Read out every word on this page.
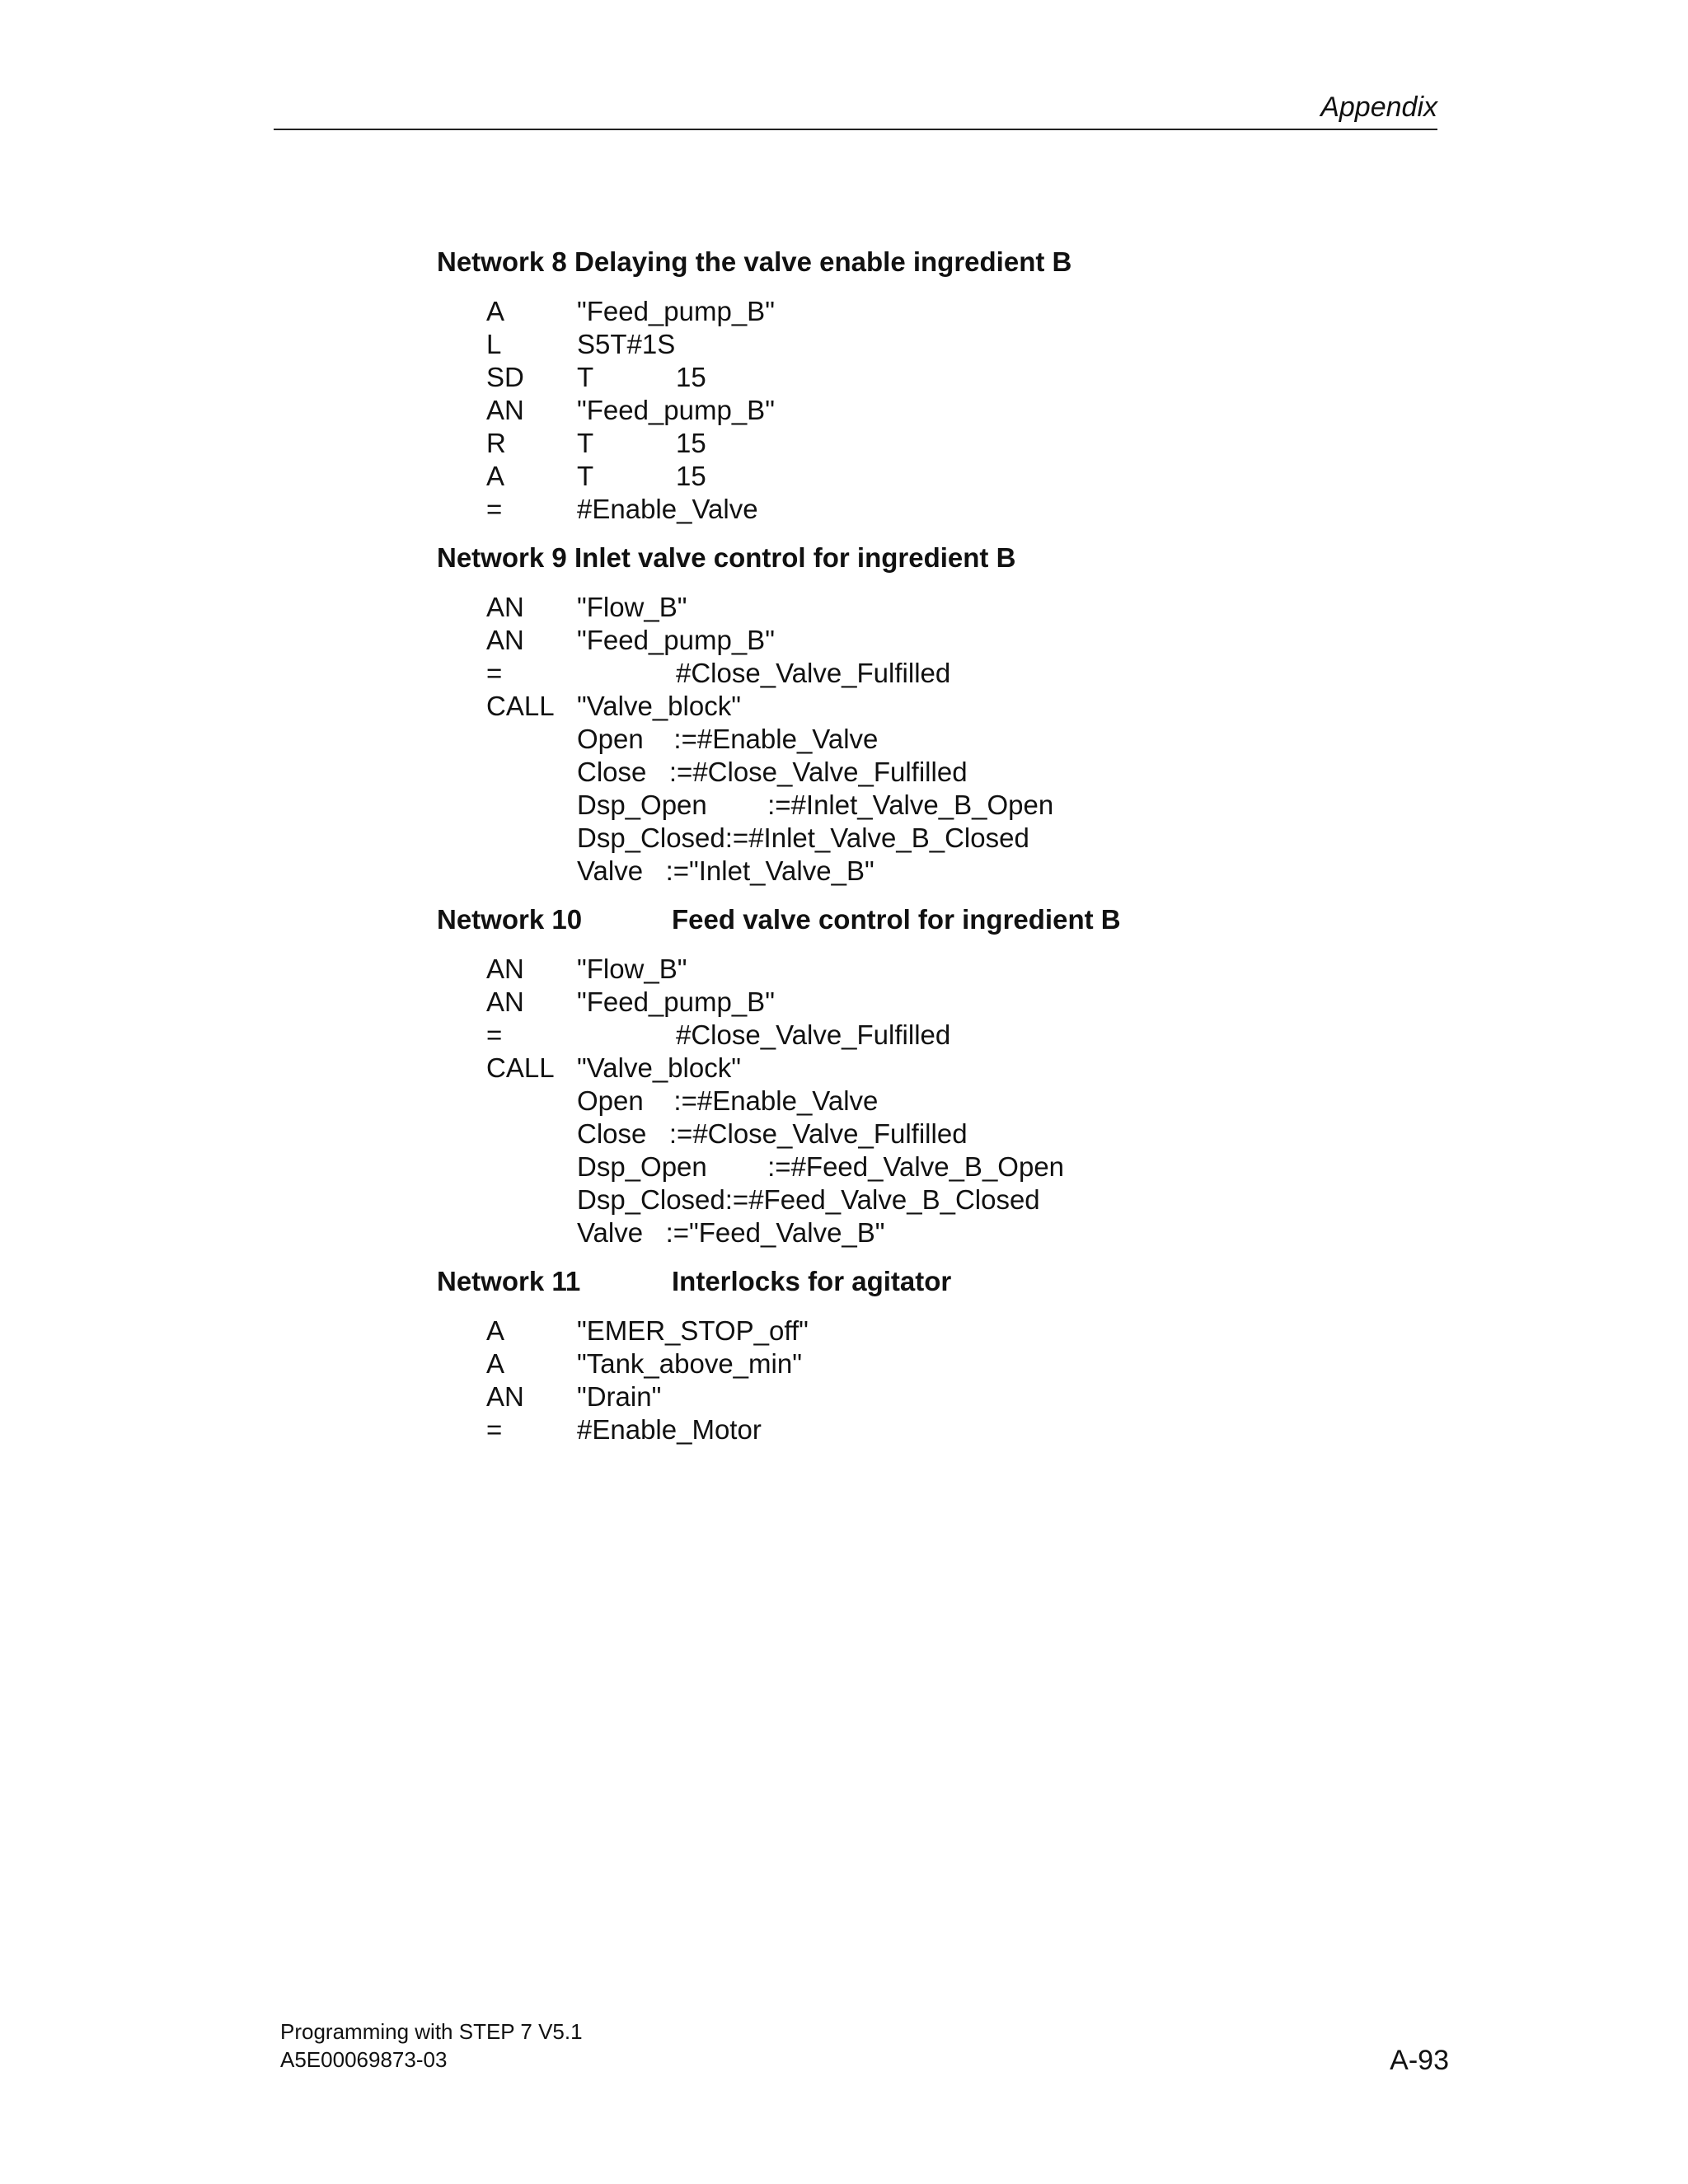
Appendix
Network 8 Delaying the valve enable ingredient B
A	"Feed_pump_B"
L	S5T#1S
SD T	15
AN "Feed_pump_B"
R	T	15
A	T	15
=	#Enable_Valve
Network 9 Inlet valve control for ingredient B
AN "Flow_B"
AN "Feed_pump_B"
=	#Close_Valve_Fulfilled
CALL "Valve_block"
Open    :=#Enable_Valve
Close   :=#Close_Valve_Fulfilled
Dsp_Open        :=#Inlet_Valve_B_Open
Dsp_Closed:=#Inlet_Valve_B_Closed
Valve   :="Inlet_Valve_B"
Network 10	Feed valve control for ingredient B
AN "Flow_B"
AN "Feed_pump_B"
=	#Close_Valve_Fulfilled
CALL "Valve_block"
Open    :=#Enable_Valve
Close   :=#Close_Valve_Fulfilled
Dsp_Open        :=#Feed_Valve_B_Open
Dsp_Closed:=#Feed_Valve_B_Closed
Valve   :="Feed_Valve_B"
Network 11	Interlocks for agitator
A	"EMER_STOP_off"
A	"Tank_above_min"
AN "Drain"
=	#Enable_Motor
Programming with STEP 7 V5.1
A5E00069873-03	A-93
